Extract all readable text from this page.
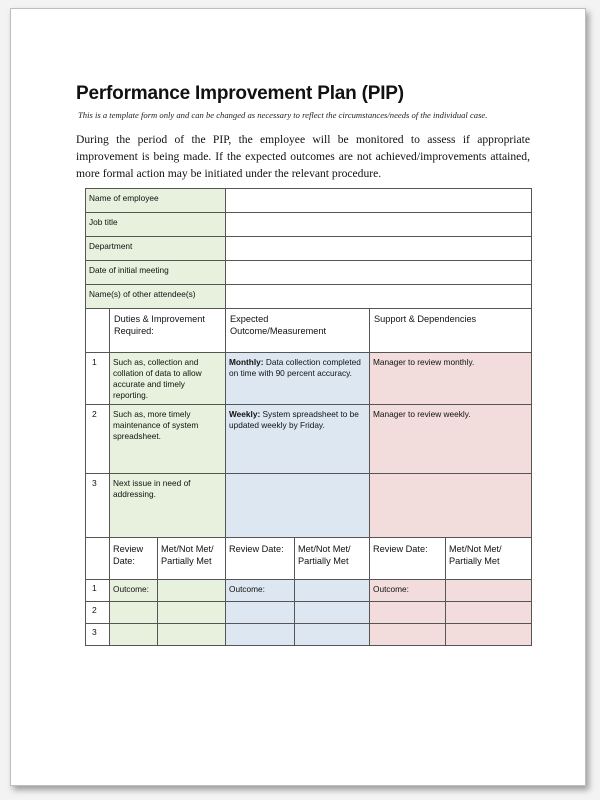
Performance Improvement Plan (PIP)
This is a template form only and can be changed as necessary to reflect the circumstances/needs of the individual case.
During the period of the PIP, the employee will be monitored to assess if appropriate improvement is being made. If the expected outcomes are not achieved/improvements attained, more formal action may be initiated under the relevant procedure.
Name of employee						
Job title						
Department						
Date of initial meeting						
Name(s) of other attendee(s)						
	Duties & Improvement Required:		Expected Outcome/Measurement		Support & Dependencies	
1	Such as, collection and collation of data to allow accurate and timely reporting.		Monthly: Data collection completed on time with 90 percent accuracy.		Manager to review monthly.	
2	Such as, more timely maintenance of system spreadsheet.		Weekly: System spreadsheet to be updated weekly by Friday.		Manager to review weekly.	
3	Next issue in need of addressing.					
	Review Date:	Met/Not Met/ Partially Met	Review Date:	Met/Not Met/ Partially Met	Review Date:	Met/Not Met/ Partially Met
1	Outcome:		Outcome:		Outcome:	
2						
3						
